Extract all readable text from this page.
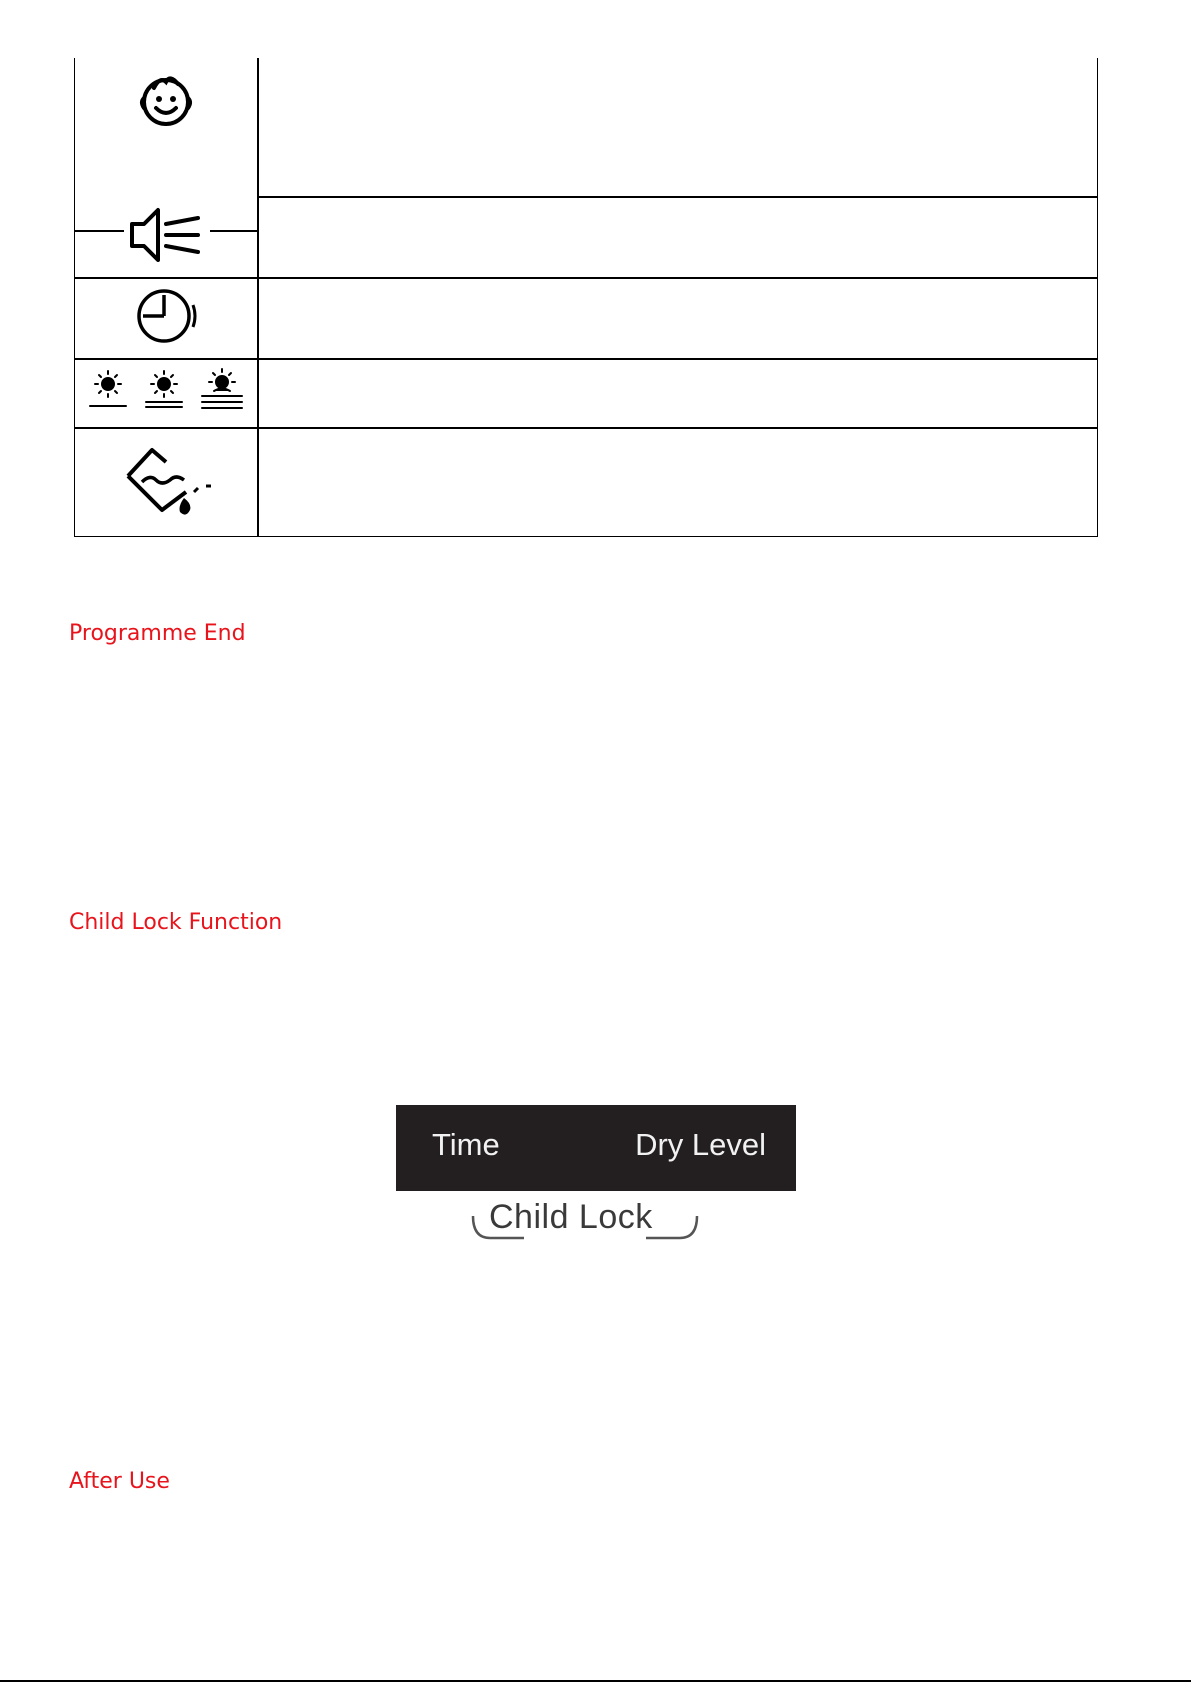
Programme End
Child Lock Function
Time	Dry Level
Child Lock
After Use
